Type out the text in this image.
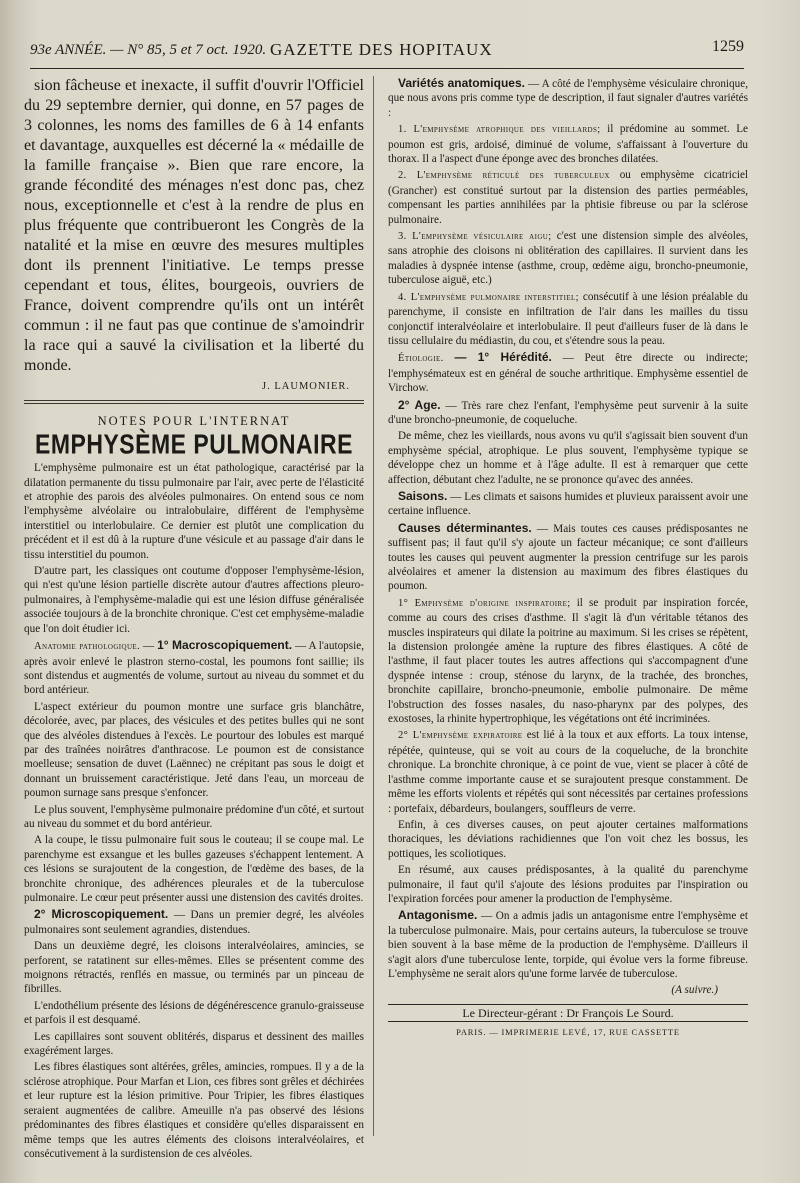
93e ANNÉE. — N° 85, 5 et 7 oct. 1920. GAZETTE DES HOPITAUX	1259

sion fâcheuse et inexacte, il suffit d'ouvrir l'Officiel du 29 septembre dernier, qui donne, en 57 pages de 3 colonnes, les noms des familles de 6 à 14 enfants et davantage, auxquelles est décerné la « médaille de la famille française ». Bien que rare encore, la grande fécondité des ménages n'est donc pas, chez nous, exceptionnelle et c'est à la rendre de plus en plus fréquente que contribueront les Congrès de la natalité et la mise en œuvre des mesures multiples dont ils prennent l'initiative. Le temps presse cependant et tous, élites, bourgeois, ouvriers de France, doivent comprendre qu'ils ont un intérêt commun : il ne faut pas que continue de s'amoindrir la race qui a sauvé la civilisation et la liberté du monde.

J. LAUMONIER.
NOTES POUR L'INTERNAT
EMPHYSÈME PULMONAIRE

L'emphysème pulmonaire est un état pathologique, caractérisé par la dilatation permanente du tissu pulmonaire par l'air, avec perte de l'élasticité et atrophie des parois des alvéoles pulmonaires. On entend sous ce nom l'emphysème alvéolaire ou intralobulaire, différent de l'emphysème interstitiel ou interlobulaire. Ce dernier est plutôt une complication du précédent et il est dû à la rupture d'une vésicule et au passage d'air dans le tissu interstitiel du poumon.

D'autre part, les classiques ont coutume d'opposer l'emphysème-lésion, qui n'est qu'une lésion partielle discrète autour d'autres affections pleuro-pulmonaires, à l'emphysème-maladie qui est une lésion diffuse généralisée associée toujours à de la bronchite chronique. C'est cet emphysème-maladie que l'on doit étudier ici.

Anatomie pathologique. — 1° Macroscopiquement. — A l'autopsie, après avoir enlevé le plastron sterno-costal, les poumons font saillie; ils sont distendus et augmentés de volume, surtout au niveau du sommet et du bord antérieur.

L'aspect extérieur du poumon montre une surface gris blanchâtre, décolorée, avec, par places, des vésicules et des petites bulles qui ne sont que des alvéoles distendues à l'excès. Le pourtour des lobules est marqué par des traînées noirâtres d'anthracose. Le poumon est de consistance moelleuse; sensation de duvet (Laënnec) ne crépitant pas sous le doigt et donnant un bruissement caractéristique. Jeté dans l'eau, un morceau de poumon surnage sans presque s'enfoncer.

Le plus souvent, l'emphysème pulmonaire prédomine d'un côté, et surtout au niveau du sommet et du bord antérieur.

A la coupe, le tissu pulmonaire fuit sous le couteau; il se coupe mal. Le parenchyme est exsangue et les bulles gazeuses s'échappent lentement. A ces lésions se surajoutent de la congestion, de l'œdème des bases, de la bronchite chronique, des adhérences pleurales et de la tuberculose pulmonaire. Le cœur peut présenter aussi une distension des cavités droites.

2° Microscopiquement. — Dans un premier degré, les alvéoles pulmonaires sont seulement agrandies, distendues.

Dans un deuxième degré, les cloisons interalvéolaires, amincies, se perforent, se ratatinent sur elles-mêmes. Elles se présentent comme des moignons rétractés, renflés en massue, ou terminés par un pinceau de fibrilles.

L'endothélium présente des lésions de dégénérescence granulo-graisseuse et parfois il est desquamé.

Les capillaires sont souvent oblitérés, disparus et dessinent des mailles exagérément larges.

Les fibres élastiques sont altérées, grêles, amincies, rompues. Il y a de la sclérose atrophique. Pour Marfan et Lion, ces fibres sont grêles et déchirées et leur rupture est la lésion primitive. Pour Tripier, les fibres élastiques seraient augmentées de calibre. Ameuille n'a pas observé des lésions prédominantes des fibres élastiques et considère qu'elles disparaissent en même temps que les autres éléments des cloisons interalvéolaires, et consécutivement à la surdistension de ces alvéoles.

Variétés anatomiques. — A côté de l'emphysème vésiculaire chronique, que nous avons pris comme type de description, il faut signaler d'autres variétés :

1. L'emphysème atrophique des vieillards; il prédomine au sommet. Le poumon est gris, ardoisé, diminué de volume, s'affaissant à l'ouverture du thorax. Il a l'aspect d'une éponge avec des bronches dilatées.

2. L'emphysème réticulé des tuberculeux ou emphysème cicatriciel (Grancher) est constitué surtout par la distension des parties perméables, compensant les parties annihilées par la phtisie fibreuse ou par la sclérose pulmonaire.

3. L'emphysème vésiculaire aigu; c'est une distension simple des alvéoles, sans atrophie des cloisons ni oblitération des capillaires. Il survient dans les maladies à dyspnée intense (asthme, croup, œdème aigu, broncho-pneumonie, tuberculose aiguë, etc.)

4. L'emphysème pulmonaire interstitiel; consécutif à une lésion préalable du parenchyme, il consiste en infiltration de l'air dans les mailles du tissu conjonctif interalvéolaire et interlobulaire. Il peut d'ailleurs fuser de là dans le tissu cellulaire du médiastin, du cou, et s'étendre sous la peau.

Étiologie. — 1° Hérédité. — Peut être directe ou indirecte; l'emphysémateux est en général de souche arthritique. Emphysème essentiel de Virchow.

2° Age. — Très rare chez l'enfant, l'emphysème peut survenir à la suite d'une broncho-pneumonie, de coqueluche.

De même, chez les vieillards, nous avons vu qu'il s'agissait bien souvent d'un emphysème spécial, atrophique. Le plus souvent, l'emphysème typique se développe chez un homme et à l'âge adulte. Il est à remarquer que cette affection, débutant chez l'adulte, ne se prononce qu'avec des années.

Saisons. — Les climats et saisons humides et pluvieux paraissent avoir une certaine influence.

Causes déterminantes. — Mais toutes ces causes prédisposantes ne suffisent pas; il faut qu'il s'y ajoute un facteur mécanique; ce sont d'ailleurs toutes les causes qui peuvent augmenter la pression centrifuge sur les parois alvéolaires et amener la distension au maximum des fibres élastiques du poumon.

1° Emphysème d'origine inspiratoire; il se produit par inspiration forcée, comme au cours des crises d'asthme. Il s'agit là d'un véritable tétanos des muscles inspirateurs qui dilate la poitrine au maximum. Si les crises se répètent, la distension prolongée amène la rupture des fibres élastiques. A côté de l'asthme, il faut placer toutes les autres affections qui s'accompagnent d'une dyspnée intense : croup, sténose du larynx, de la trachée, des bronches, bronchite capillaire, broncho-pneumonie, embolie pulmonaire. De même l'obstruction des fosses nasales, du naso-pharynx par des polypes, des exostoses, la rhinite hypertrophique, les végétations ont été incriminées.

2° L'emphysème expiratoire est lié à la toux et aux efforts. La toux intense, répétée, quinteuse, qui se voit au cours de la coqueluche, de la bronchite chronique. La bronchite chronique, à ce point de vue, vient se placer à côté de l'asthme comme importante cause et se surajoutent presque constamment. De même les efforts violents et répétés qui sont nécessités par certaines professions : portefaix, débardeurs, boulangers, souffleurs de verre.

Enfin, à ces diverses causes, on peut ajouter certaines malformations thoraciques, les déviations rachidiennes que l'on voit chez les bossus, les pottiques, les scoliotiques.

En résumé, aux causes prédisposantes, à la qualité du parenchyme pulmonaire, il faut qu'il s'ajoute des lésions produites par l'inspiration ou l'expiration forcées pour amener la production de l'emphysème.

Antagonisme. — On a admis jadis un antagonisme entre l'emphysème et la tuberculose pulmonaire. Mais, pour certains auteurs, la tuberculose se trouve bien souvent à la base même de la production de l'emphysème. D'ailleurs il s'agit alors d'une tuberculose lente, torpide, qui évolue vers la forme fibreuse. L'emphysème ne serait alors qu'une forme larvée de tuberculose.

(A suivre.)
Le Directeur-gérant : Dr François Le Sourd.
PARIS. — IMPRIMERIE LEVÉ, 17, RUE CASSETTE
